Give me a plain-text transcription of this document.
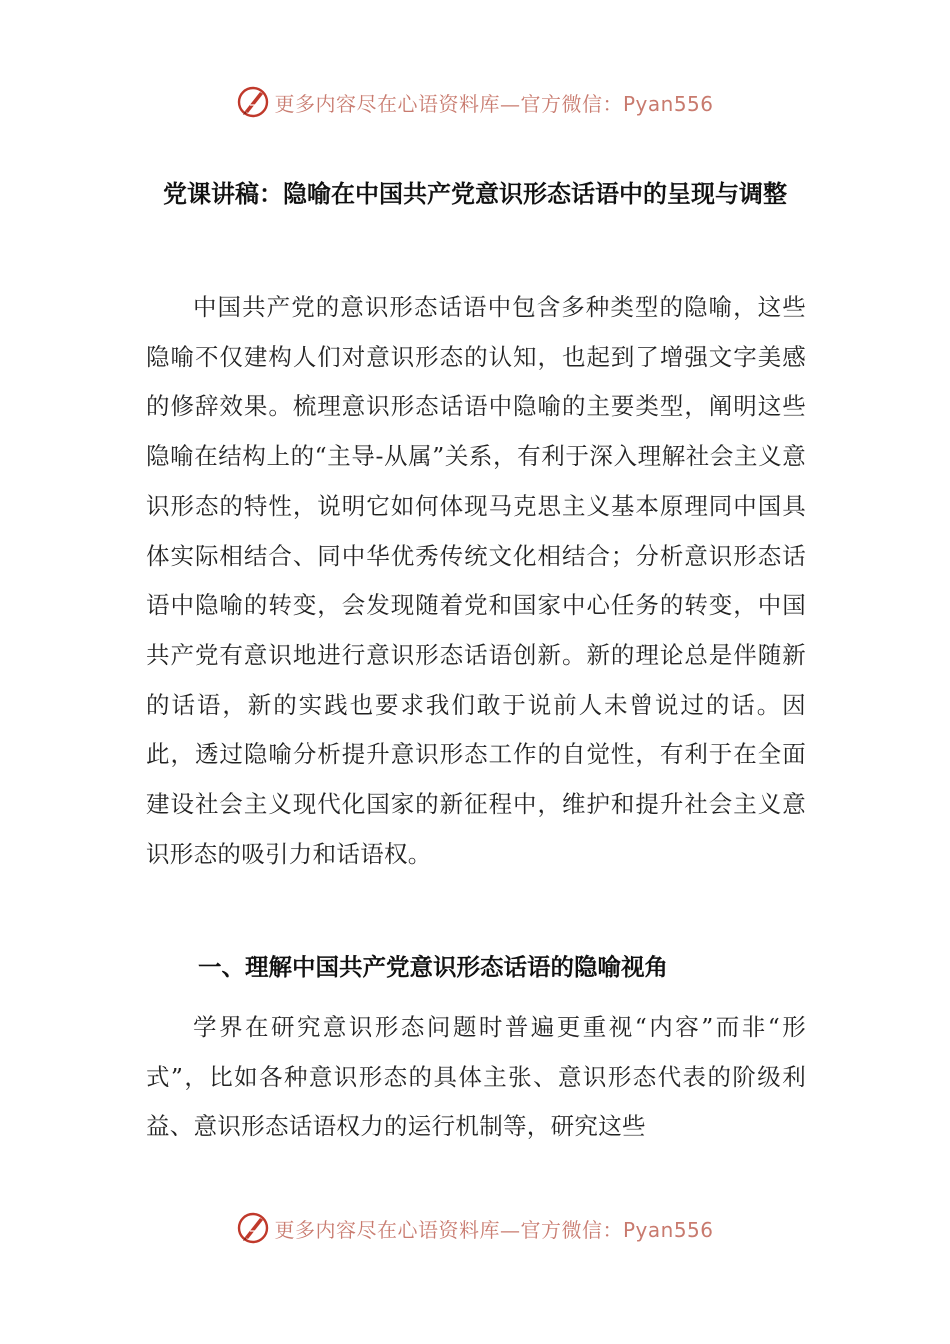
更多内容尽在心语资料库—官方微信：Pyan556
党课讲稿：隐喻在中国共产党意识形态话语中的呈现与调整

中国共产党的意识形态话语中包含多种类型的隐喻，这些隐喻不仅建构人们对意识形态的认知，也起到了增强文字美感的修辞效果。梳理意识形态话语中隐喻的主要类型，阐明这些隐喻在结构上的“主导-从属”关系，有利于深入理解社会主义意识形态的特性，说明它如何体现马克思主义基本原理同中国具体实际相结合、同中华优秀传统文化相结合；分析意识形态话语中隐喻的转变，会发现随着党和国家中心任务的转变，中国共产党有意识地进行意识形态话语创新。新的理论总是伴随新的话语，新的实践也要求我们敢于说前人未曾说过的话。因此，透过隐喻分析提升意识形态工作的自觉性，有利于在全面建设社会主义现代化国家的新征程中，维护和提升社会主义意识形态的吸引力和话语权。

一、理解中国共产党意识形态话语的隐喻视角

学界在研究意识形态问题时普遍更重视“内容”而非“形式”，比如各种意识形态的具体主张、意识形态代表的阶级利益、意识形态话语权力的运行机制等，研究这些

更多内容尽在心语资料库—官方微信：Pyan556
